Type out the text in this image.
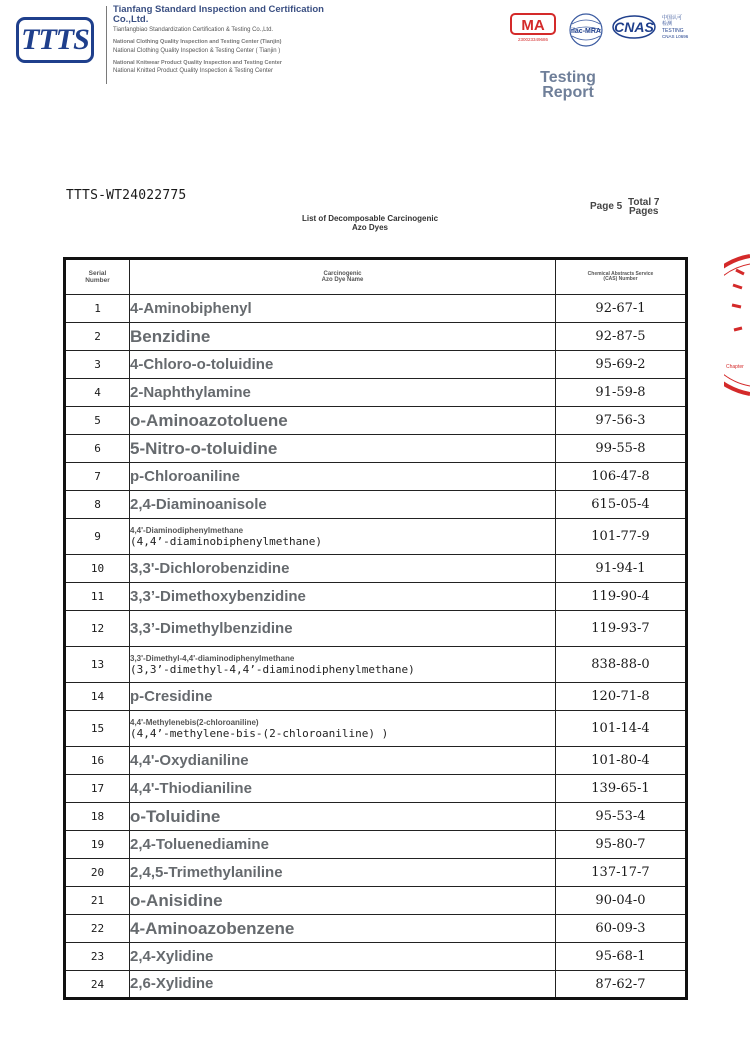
TTTS
Tianfang Standard Inspection and Certification Co.,Ltd.
Tianfangbiao Standardization Certification & Testing Co.,Ltd.
National Clothing Quality Inspection and Testing Center (Tianjin)
National Clothing Quality Inspection & Testing Center ( Tianjin )
National Knitwear Product Quality Inspection and Testing Center
National Knitted Product Quality Inspection & Testing Center
MA
230023349686
ilac-MRA CNAS
中国认可
检测
TESTING
CNAS L0696
Testing
Report
TTTS-WT24022775
Page 5 Total 7
Pages
List of Decomposable Carcinogenic
Azo Dyes
Chapter
Serial
Number	Carcinogenic
Azo Dye Name	Chemical Abstracts Service
(CAS) Number
1	4-Aminobiphenyl	92-67-1
2	Benzidine	92-87-5
3	4-Chloro-o-toluidine	95-69-2
4	2-Naphthylamine	91-59-8
5	o-Aminoazotoluene	97-56-3
6	5-Nitro-o-toluidine	99-55-8
7	p-Chloroaniline	106-47-8
8	2,4-Diaminoanisole	615-05-4
9	4,4'-Diaminodiphenylmethane
(4,4’-diaminobiphenylmethane)	101-77-9
10	3,3'-Dichlorobenzidine	91-94-1
11	3,3’-Dimethoxybenzidine	119-90-4
12	3,3’-Dimethylbenzidine	119-93-7
13	3,3'-Dimethyl-4,4'-diaminodiphenylmethane
(3,3’-dimethyl-4,4’-diaminodiphenylmethane)	838-88-0
14	p-Cresidine	120-71-8
15	4,4'-Methylenebis(2-chloroaniline)
(4,4’-methylene-bis-(2-chloroaniline) )	101-14-4
16	4,4'-Oxydianiline	101-80-4
17	4,4'-Thiodianiline	139-65-1
18	o-Toluidine	95-53-4
19	2,4-Toluenediamine	95-80-7
20	2,4,5-Trimethylaniline	137-17-7
21	o-Anisidine	90-04-0
22	4-Aminoazobenzene	60-09-3
23	2,4-Xylidine	95-68-1
24	2,6-Xylidine	87-62-7
